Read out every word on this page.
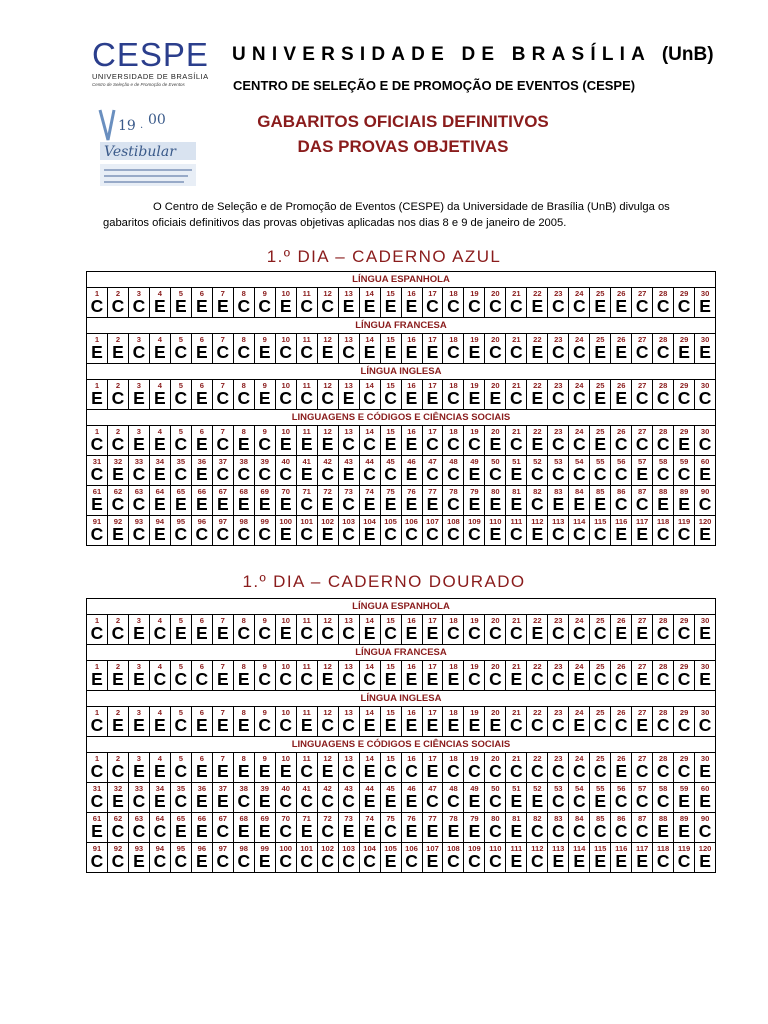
CESPE
UNIVERSIDADE DE BRASÍLIA
Centro de Seleção e de Promoção de Eventos
19 . 00
Vestibular
UNIVERSIDADE DE BRASÍLIA (UnB)
CENTRO DE SELEÇÃO E DE PROMOÇÃO DE EVENTOS (CESPE)
GABARITOS OFICIAIS DEFINITIVOS
DAS PROVAS OBJETIVAS
O Centro de Seleção e de Promoção de Eventos (CESPE) da Universidade de Brasília (UnB) divulga os
gabaritos oficiais definitivos das provas objetivas aplicadas nos dias 8 e 9 de janeiro de 2005.
1.º DIA – CADERNO AZUL
LÍNGUA ESPANHOLA
1
C
2
C
3
C
4
E
5
E
6
E
7
E
8
C
9
C
10
E
11
C
12
C
13
E
14
E
15
E
16
E
17
C
18
C
19
C
20
C
21
C
22
E
23
C
24
C
25
E
26
E
27
C
28
C
29
C
30
E
LÍNGUA FRANCESA
1
E
2
E
3
C
4
E
5
C
6
E
7
C
8
C
9
E
10
C
11
C
12
E
13
C
14
E
15
E
16
E
17
E
18
C
19
E
20
C
21
C
22
E
23
C
24
C
25
E
26
E
27
C
28
C
29
E
30
E
LÍNGUA INGLESA
1
E
2
C
3
E
4
E
5
C
6
E
7
C
8
C
9
E
10
C
11
C
12
C
13
E
14
C
15
C
16
E
17
E
18
C
19
E
20
E
21
C
22
E
23
C
24
C
25
E
26
E
27
C
28
C
29
C
30
C
LINGUAGENS E CÓDIGOS E CIÊNCIAS SOCIAIS
1
C
2
C
3
E
4
E
5
C
6
E
7
C
8
E
9
C
10
E
11
E
12
E
13
C
14
C
15
E
16
E
17
C
18
C
19
C
20
E
21
C
22
E
23
C
24
C
25
E
26
C
27
C
28
C
29
E
30
C
31
C
32
E
33
C
34
E
35
C
36
E
37
C
38
C
39
C
40
C
41
E
42
C
43
E
44
C
45
C
46
E
47
C
48
C
49
E
50
C
51
E
52
C
53
C
54
C
55
C
56
C
57
E
58
C
59
C
60
E
61
E
62
C
63
C
64
E
65
E
66
E
67
E
68
E
69
E
70
E
71
C
72
E
73
C
74
E
75
E
76
E
77
E
78
C
79
E
80
E
81
E
82
C
83
E
84
E
85
E
86
C
87
C
88
E
89
E
90
C
91
C
92
E
93
C
94
E
95
C
96
C
97
C
98
C
99
C
100
E
101
C
102
E
103
C
104
E
105
C
106
C
107
C
108
C
109
C
110
E
111
C
112
E
113
C
114
C
115
C
116
E
117
E
118
C
119
C
120
E
1.º DIA – CADERNO DOURADO
LÍNGUA ESPANHOLA
1
C
2
C
3
E
4
C
5
E
6
E
7
E
8
C
9
C
10
E
11
C
12
C
13
C
14
E
15
C
16
E
17
E
18
C
19
C
20
C
21
C
22
E
23
C
24
C
25
C
26
E
27
E
28
C
29
C
30
E
LÍNGUA FRANCESA
1
E
2
E
3
E
4
C
5
C
6
C
7
E
8
E
9
C
10
C
11
C
12
E
13
C
14
C
15
E
16
E
17
E
18
E
19
C
20
C
21
E
22
C
23
C
24
E
25
C
26
C
27
E
28
C
29
C
30
E
LÍNGUA INGLESA
1
C
2
E
3
E
4
E
5
C
6
E
7
E
8
E
9
C
10
C
11
E
12
C
13
C
14
E
15
E
16
E
17
E
18
E
19
E
20
E
21
C
22
C
23
C
24
E
25
C
26
C
27
E
28
C
29
C
30
C
LINGUAGENS E CÓDIGOS E CIÊNCIAS SOCIAIS
1
C
2
C
3
E
4
E
5
C
6
E
7
E
8
E
9
E
10
E
11
C
12
E
13
C
14
E
15
C
16
C
17
E
18
C
19
C
20
C
21
C
22
C
23
C
24
C
25
C
26
E
27
C
28
C
29
C
30
E
31
C
32
E
33
C
34
E
35
C
36
E
37
E
38
C
39
E
40
C
41
C
42
C
43
C
44
E
45
E
46
E
47
C
48
C
49
E
50
C
51
E
52
E
53
C
54
C
55
E
56
C
57
C
58
C
59
E
60
E
61
E
62
C
63
C
64
C
65
E
66
E
67
C
68
E
69
E
70
C
71
E
72
C
73
E
74
E
75
C
76
E
77
E
78
E
79
E
80
C
81
E
82
C
83
C
84
C
85
C
86
C
87
C
88
E
89
E
90
C
91
C
92
C
93
E
94
C
95
C
96
E
97
C
98
C
99
E
100
C
101
C
102
C
103
C
104
C
105
E
106
C
107
E
108
C
109
C
110
C
111
E
112
C
113
E
114
E
115
E
116
E
117
E
118
C
119
C
120
E
